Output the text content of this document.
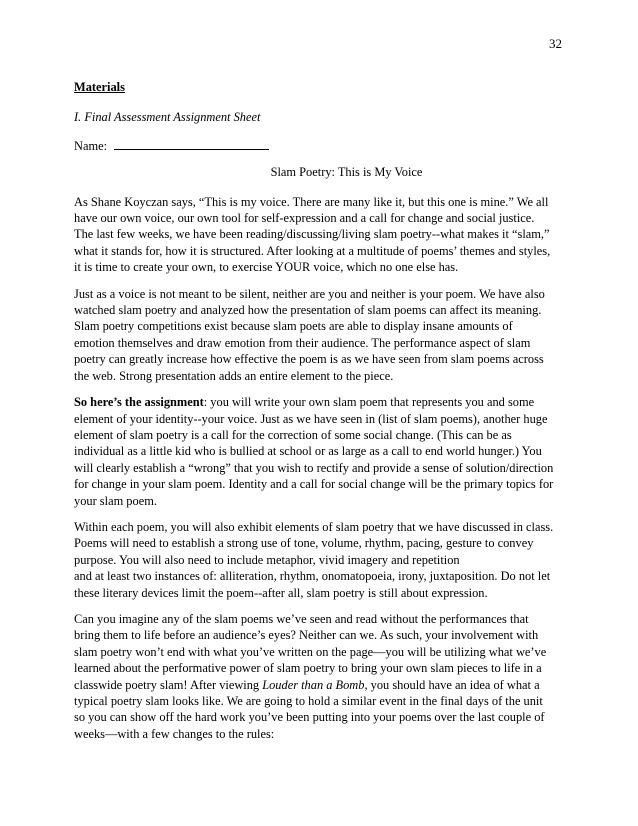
32
Materials
I. Final Assessment Assignment Sheet
Name:
Slam Poetry: This is My Voice

As Shane Koyczan says, “This is my voice. There are many like it, but this one is mine.” We all
have our own voice, our own tool for self-expression and a call for change and social justice.
The last few weeks, we have been reading/discussing/living slam poetry--what makes it “slam,”
what it stands for, how it is structured. After looking at a multitude of poems’ themes and styles,
it is time to create your own, to exercise YOUR voice, which no one else has.

Just as a voice is not meant to be silent, neither are you and neither is your poem. We have also
watched slam poetry and analyzed how the presentation of slam poems can affect its meaning.
Slam poetry competitions exist because slam poets are able to display insane amounts of
emotion themselves and draw emotion from their audience. The performance aspect of slam
poetry can greatly increase how effective the poem is as we have seen from slam poems across
the web. Strong presentation adds an entire element to the piece.

So here’s the assignment: you will write your own slam poem that represents you and some
element of your identity--your voice. Just as we have seen in (list of slam poems), another huge
element of slam poetry is a call for the correction of some social change. (This can be as
individual as a little kid who is bullied at school or as large as a call to end world hunger.) You
will clearly establish a “wrong” that you wish to rectify and provide a sense of solution/direction
for change in your slam poem. Identity and a call for social change will be the primary topics for
your slam poem.

Within each poem, you will also exhibit elements of slam poetry that we have discussed in class.
Poems will need to establish a strong use of tone, volume, rhythm, pacing, gesture to convey
purpose. You will also need to include metaphor, vivid imagery and repetition
and at least two instances of: alliteration, rhythm, onomatopoeia, irony, juxtaposition. Do not let
these literary devices limit the poem--after all, slam poetry is still about expression.

Can you imagine any of the slam poems we’ve seen and read without the performances that
bring them to life before an audience’s eyes? Neither can we. As such, your involvement with
slam poetry won’t end with what you’ve written on the page—you will be utilizing what we’ve
learned about the performative power of slam poetry to bring your own slam pieces to life in a
classwide poetry slam! After viewing Louder than a Bomb, you should have an idea of what a
typical poetry slam looks like. We are going to hold a similar event in the final days of the unit
so you can show off the hard work you’ve been putting into your poems over the last couple of
weeks—with a few changes to the rules:
